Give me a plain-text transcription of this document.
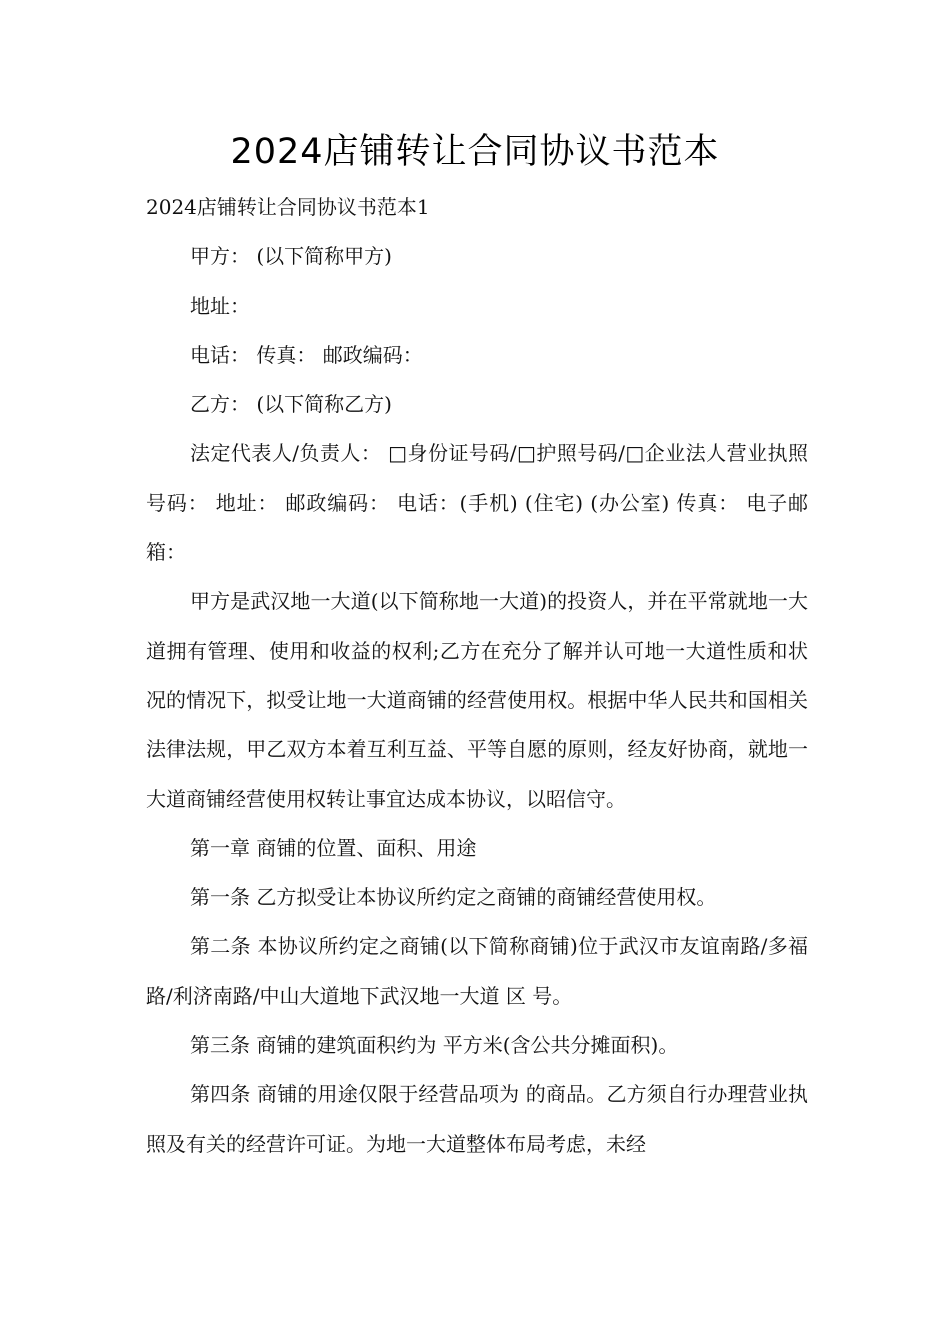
2024店铺转让合同协议书范本

2024店铺转让合同协议书范本1

甲方： (以下简称甲方)

地址：

电话： 传真： 邮政编码：

乙方： (以下简称乙方)

法定代表人/负责人： □身份证号码/□护照号码/□企业法人营业执照号码： 地址： 邮政编码： 电话：(手机) (住宅) (办公室) 传真： 电子邮箱：

甲方是武汉地一大道(以下简称地一大道)的投资人，并在平常就地一大道拥有管理、使用和收益的权利;乙方在充分了解并认可地一大道性质和状况的情况下，拟受让地一大道商铺的经营使用权。根据中华人民共和国相关法律法规，甲乙双方本着互利互益、平等自愿的原则，经友好协商，就地一大道商铺经营使用权转让事宜达成本协议，以昭信守。

第一章 商铺的位置、面积、用途

第一条 乙方拟受让本协议所约定之商铺的商铺经营使用权。

第二条 本协议所约定之商铺(以下简称商铺)位于武汉市友谊南路/多福路/利济南路/中山大道地下武汉地一大道 区 号。

第三条 商铺的建筑面积约为 平方米(含公共分摊面积)。

第四条 商铺的用途仅限于经营品项为 的商品。乙方须自行办理营业执照及有关的经营许可证。为地一大道整体布局考虑，未经
